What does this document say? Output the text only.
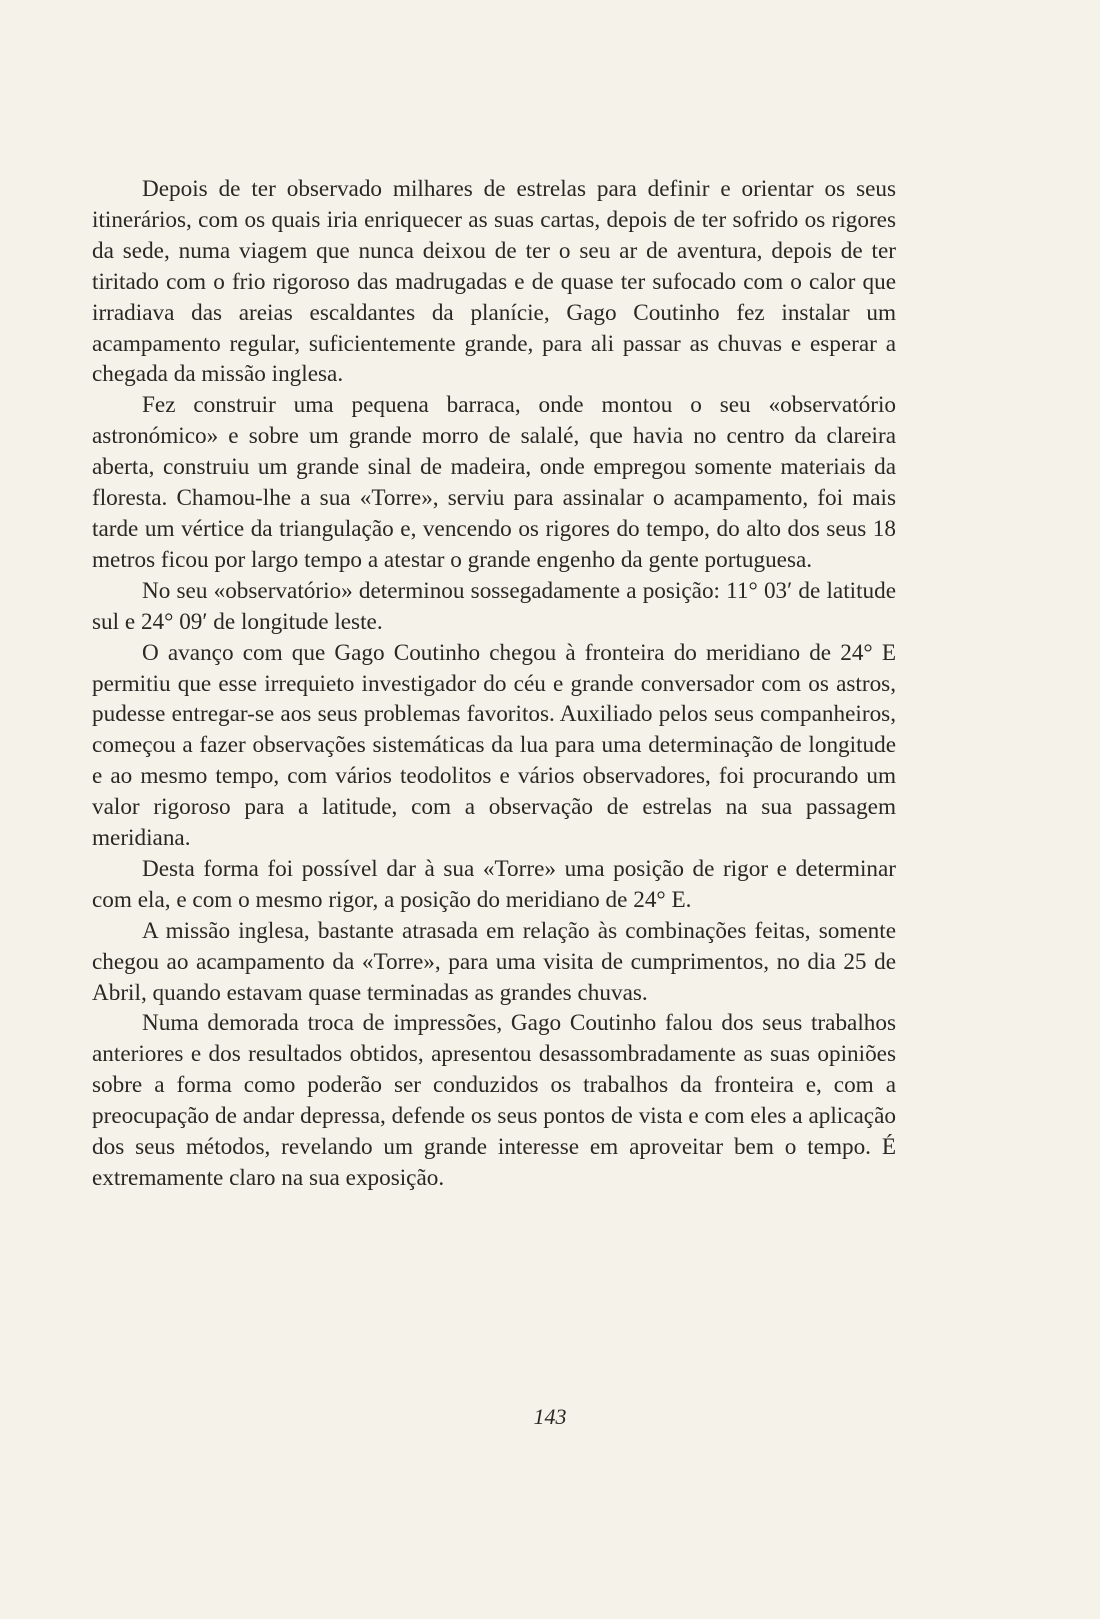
Depois de ter observado milhares de estrelas para definir e orientar os seus itinerários, com os quais iria enriquecer as suas cartas, depois de ter sofrido os rigores da sede, numa viagem que nunca deixou de ter o seu ar de aventura, depois de ter tiritado com o frio rigoroso das madrugadas e de quase ter sufocado com o calor que irradiava das areias escaldantes da planície, Gago Coutinho fez instalar um acampamento regular, suficientemente grande, para ali passar as chuvas e esperar a chegada da missão inglesa.

Fez construir uma pequena barraca, onde montou o seu «observatório astronómico» e sobre um grande morro de salalé, que havia no centro da clareira aberta, construiu um grande sinal de madeira, onde empregou somente materiais da floresta. Chamou-lhe a sua «Torre», serviu para assinalar o acampamento, foi mais tarde um vértice da triangulação e, vencendo os rigores do tempo, do alto dos seus 18 metros ficou por largo tempo a atestar o grande engenho da gente portuguesa.

No seu «observatório» determinou sossegadamente a posição: 11° 03′ de latitude sul e 24° 09′ de longitude leste.

O avanço com que Gago Coutinho chegou à fronteira do meridiano de 24° E permitiu que esse irrequieto investigador do céu e grande conversador com os astros, pudesse entregar-se aos seus problemas favoritos. Auxiliado pelos seus companheiros, começou a fazer observações sistemáticas da lua para uma determinação de longitude e ao mesmo tempo, com vários teodolitos e vários observadores, foi procurando um valor rigoroso para a latitude, com a observação de estrelas na sua passagem meridiana.

Desta forma foi possível dar à sua «Torre» uma posição de rigor e determinar com ela, e com o mesmo rigor, a posição do meridiano de 24° E.

A missão inglesa, bastante atrasada em relação às combinações feitas, somente chegou ao acampamento da «Torre», para uma visita de cumprimentos, no dia 25 de Abril, quando estavam quase terminadas as grandes chuvas.

Numa demorada troca de impressões, Gago Coutinho falou dos seus trabalhos anteriores e dos resultados obtidos, apresentou desassombradamente as suas opiniões sobre a forma como poderão ser conduzidos os trabalhos da fronteira e, com a preocupação de andar depressa, defende os seus pontos de vista e com eles a aplicação dos seus métodos, revelando um grande interesse em aproveitar bem o tempo. É extremamente claro na sua exposição.

143
